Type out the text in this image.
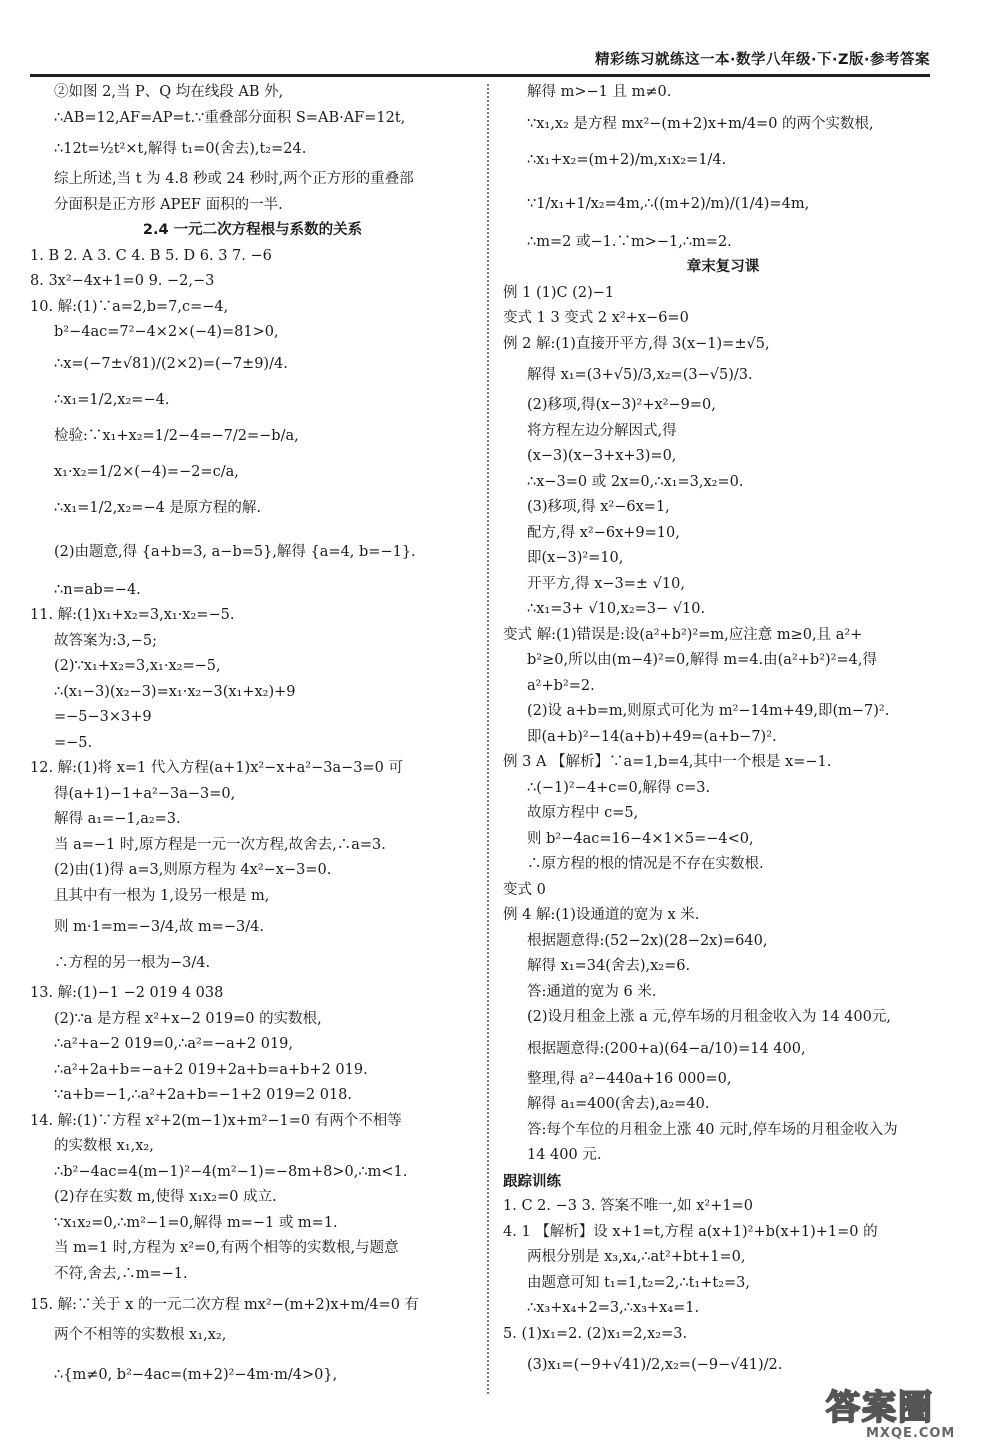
精彩练习就练这一本·数学八年级·下·Z版·参考答案
②如图 2,当 P、Q 均在线段 AB 外,
∴AB=12,AF=AP=t.∵重叠部分面积 S=AB·AF=12t,
∴12t=½t²×t,解得 t₁=0(舍去),t₂=24.
综上所述,当 t 为 4.8 秒或 24 秒时,两个正方形的重叠部
分面积是正方形 APEF 面积的一半.
2.4 一元二次方程根与系数的关系
1. B 2. A 3. C 4. B 5. D 6. 3 7. −6
8. 3x²−4x+1=0 9. −2,−3
10. 解:(1)∵a=2,b=7,c=−4,
b²−4ac=7²−4×2×(−4)=81>0,
∴x=(−7±√81)/(2×2)=(−7±9)/4.
∴x₁=1/2,x₂=−4.
检验:∵x₁+x₂=1/2−4=−7/2=−b/a,
x₁·x₂=1/2×(−4)=−2=c/a,
∴x₁=1/2,x₂=−4 是原方程的解.
(2)由题意,得 {a+b=3, a−b=5},解得 {a=4, b=−1}.
∴n=ab=−4.
11. 解:(1)x₁+x₂=3,x₁·x₂=−5.
故答案为:3,−5;
(2)∵x₁+x₂=3,x₁·x₂=−5,
∴(x₁−3)(x₂−3)=x₁·x₂−3(x₁+x₂)+9
=−5−3×3+9
=−5.
12. 解:(1)将 x=1 代入方程(a+1)x²−x+a²−3a−3=0 可
得(a+1)−1+a²−3a−3=0,
解得 a₁=−1,a₂=3.
当 a=−1 时,原方程是一元一次方程,故舍去,∴a=3.
(2)由(1)得 a=3,则原方程为 4x²−x−3=0.
且其中有一根为 1,设另一根是 m,
则 m·1=m=−3/4,故 m=−3/4.
∴方程的另一根为−3/4.
13. 解:(1)−1 −2 019 4 038
(2)∵a 是方程 x²+x−2 019=0 的实数根,
∴a²+a−2 019=0,∴a²=−a+2 019,
∴a²+2a+b=−a+2 019+2a+b=a+b+2 019.
∵a+b=−1,∴a²+2a+b=−1+2 019=2 018.
14. 解:(1)∵方程 x²+2(m−1)x+m²−1=0 有两个不相等
的实数根 x₁,x₂,
∴b²−4ac=4(m−1)²−4(m²−1)=−8m+8>0,∴m<1.
(2)存在实数 m,使得 x₁x₂=0 成立.
∵x₁x₂=0,∴m²−1=0,解得 m=−1 或 m=1.
当 m=1 时,方程为 x²=0,有两个相等的实数根,与题意
不符,舍去,∴m=−1.
15. 解:∵关于 x 的一元二次方程 mx²−(m+2)x+m/4=0 有
两个不相等的实数根 x₁,x₂,
∴{m≠0, b²−4ac=(m+2)²−4m·m/4>0},
解得 m>−1 且 m≠0.
∵x₁,x₂ 是方程 mx²−(m+2)x+m/4=0 的两个实数根,
∴x₁+x₂=(m+2)/m,x₁x₂=1/4.
∵1/x₁+1/x₂=4m,∴((m+2)/m)/(1/4)=4m,
∴m=2 或−1.∵m>−1,∴m=2.
章末复习课
例 1 (1)C (2)−1
变式 1 3 变式 2 x²+x−6=0
例 2 解:(1)直接开平方,得 3(x−1)=±√5,
解得 x₁=(3+√5)/3,x₂=(3−√5)/3.
(2)移项,得(x−3)²+x²−9=0,
将方程左边分解因式,得
(x−3)(x−3+x+3)=0,
∴x−3=0 或 2x=0,∴x₁=3,x₂=0.
(3)移项,得 x²−6x=1,
配方,得 x²−6x+9=10,
即(x−3)²=10,
开平方,得 x−3=± √10,
∴x₁=3+ √10,x₂=3− √10.
变式 解:(1)错误是:设(a²+b²)²=m,应注意 m≥0,且 a²+
b²≥0,所以由(m−4)²=0,解得 m=4.由(a²+b²)²=4,得
a²+b²=2.
(2)设 a+b=m,则原式可化为 m²−14m+49,即(m−7)².
即(a+b)²−14(a+b)+49=(a+b−7)².
例 3 A 【解析】∵a=1,b=4,其中一个根是 x=−1.
∴(−1)²−4+c=0,解得 c=3.
故原方程中 c=5,
则 b²−4ac=16−4×1×5=−4<0,
∴原方程的根的情况是不存在实数根.
变式 0
例 4 解:(1)设通道的宽为 x 米.
根据题意得:(52−2x)(28−2x)=640,
解得 x₁=34(舍去),x₂=6.
答:通道的宽为 6 米.
(2)设月租金上涨 a 元,停车场的月租金收入为 14 400元,
根据题意得:(200+a)(64−a/10)=14 400,
整理,得 a²−440a+16 000=0,
解得 a₁=400(舍去),a₂=40.
答:每个车位的月租金上涨 40 元时,停车场的月租金收入为
14 400 元.
跟踪训练
1. C 2. −3 3. 答案不唯一,如 x²+1=0
4. 1 【解析】设 x+1=t,方程 a(x+1)²+b(x+1)+1=0 的
两根分别是 x₃,x₄,∴at²+bt+1=0,
由题意可知 t₁=1,t₂=2,∴t₁+t₂=3,
∴x₃+x₄+2=3,∴x₃+x₄=1.
5. (1)x₁=2. (2)x₁=2,x₂=3.
(3)x₁=(−9+√41)/2,x₂=(−9−√41)/2.
答案圈
MXQE.COM
